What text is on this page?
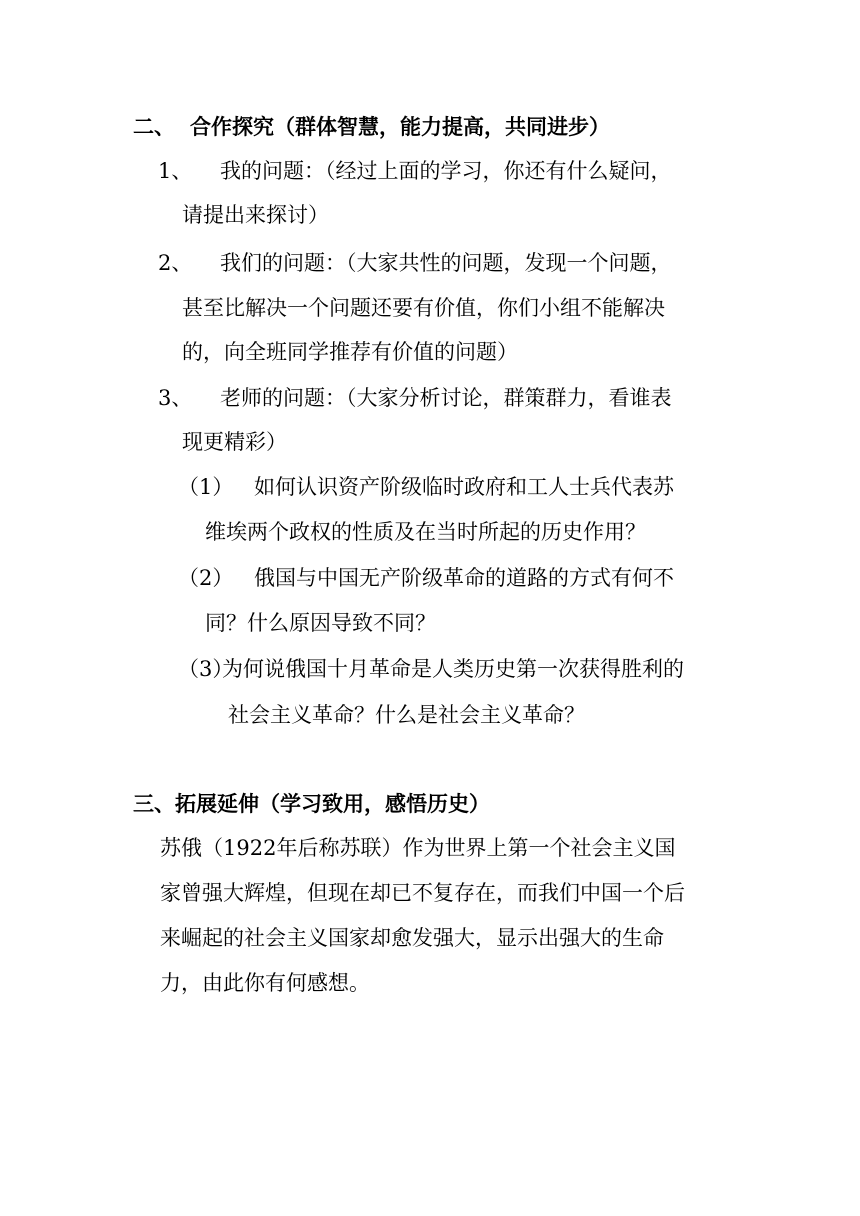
二、 合作探究（群体智慧，能力提高，共同进步）
1、 我的问题：（经过上面的学习，你还有什么疑问，
请提出来探讨）
2、 我们的问题：（大家共性的问题，发现一个问题，
甚至比解决一个问题还要有价值，你们小组不能解决
的，向全班同学推荐有价值的问题）
3、 老师的问题：（大家分析讨论，群策群力，看谁表
现更精彩）
（1） 如何认识资产阶级临时政府和工人士兵代表苏
维埃两个政权的性质及在当时所起的历史作用？
（2） 俄国与中国无产阶级革命的道路的方式有何不
同？什么原因导致不同？
（3）
为何说俄国十月革命是人类历史第一次获得胜利的
社会主义革命？什么是社会主义革命？
三、拓展延伸（学习致用，感悟历史）
苏俄（1922年后称苏联）作为世界上第一个社会主义国
家曾强大辉煌，但现在却已不复存在，而我们中国一个后
来崛起的社会主义国家却愈发强大，显示出强大的生命
力，由此你有何感想。
